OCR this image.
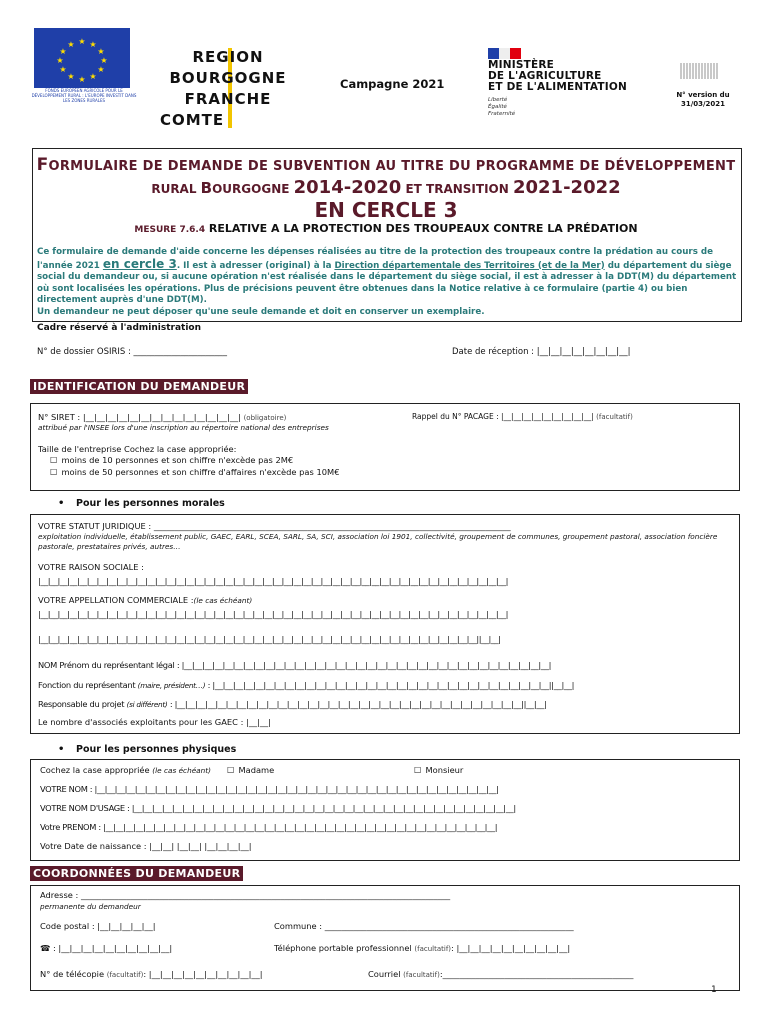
★ ★
★
★
★
★
★
★
★
★
★
★
FONDS EUROPÉEN AGRICOLE POUR LE DÉVELOPPEMENT RURAL : L'EUROPE INVESTIT DANS LES ZONES RURALES
REGION
BOURGOGNE
FRANCHE
COMTE
Campagne 2021
MINISTÈRE
DE L'AGRICULTURE
ET DE L'ALIMENTATION
Liberté
Égalité
Fraternité
N° version du
31/03/2021
FORMULAIRE DE DEMANDE DE SUBVENTION AU TITRE DU PROGRAMME DE DÉVELOPPEMENT
RURAL BOURGOGNE 2014-2020 ET TRANSITION 2021-2022
EN CERCLE 3
MESURE 7.6.4 RELATIVE A LA PROTECTION DES TROUPEAUX CONTRE LA PRÉDATION
Ce formulaire de demande d'aide concerne les dépenses réalisées au titre de la protection des troupeaux contre la prédation au cours de l'année 2021 en cercle 3. Il est à adresser (original) à la Direction départementale des Territoires (et de la Mer) du département du siège social du demandeur ou, si aucune opération n'est réalisée dans le département du siège social, il est à adresser à la DDT(M) du département où sont localisées les opérations. Plus de précisions peuvent être obtenues dans la Notice relative à ce formulaire (partie 4) ou bien directement auprès d'une DDT(M).
Un demandeur ne peut déposer qu'une seule demande et doit en conserver un exemplaire.
Cadre réservé à l'administration
N° de dossier OSIRIS : ______________________	Date de réception : |__|__|__|__|__|__|__|__|
IDENTIFICATION DU DEMANDEUR
N° SIRET : |__|__|__|__|__|__|__|__|__|__|__|__|__|__| (obligatoire)
attribué par l'INSEE lors d'une inscription au répertoire national des entreprises
Rappel du N° PACAGE : |__|__|__|__|__|__|__|__|__| (facultatif)
Taille de l'entreprise Cochez la case appropriée:
☐ moins de 10 personnes et son chiffre n'excède pas 2M€
☐ moins de 50 personnes et son chiffre d'affaires n'excède pas 10M€
• Pour les personnes morales
VOTRE STATUT JURIDIQUE : ______________________________________________________________________________________
exploitation individuelle, établissement public, GAEC, EARL, SCEA, SARL, SA, SCI, association loi 1901, collectivité, groupement de communes, groupement pastoral, association foncière pastorale, prestataires privés, autres…
VOTRE RAISON SOCIALE :
|__|__|__|__|__|__|__|__|__|__|__|__|__|__|__|__|__|__|__|__|__|__|__|__|__|__|__|__|__|__|__|__|__|__|__|__|__|__|__|__|__|__|__|__|__|__|__|__|
VOTRE APPELLATION COMMERCIALE :(le cas échéant)
|__|__|__|__|__|__|__|__|__|__|__|__|__|__|__|__|__|__|__|__|__|__|__|__|__|__|__|__|__|__|__|__|__|__|__|__|__|__|__|__|__|__|__|__|__|__|__|__|
|__|__|__|__|__|__|__|__|__|__|__|__|__|__|__|__|__|__|__|__|__|__|__|__|__|__|__|__|__|__|__|__|__|__|__|__|__|__|__|__|__|__|__|__|__||__|__|
NOM Prénom du représentant légal : |__|__|__|__|__|__|__|__|__|__|__|__|__|__|__|__|__|__|__|__|__|__|__|__|__|__|__|__|__|__|__|__|__|__|__|__|
Fonction du représentant (maire, président…) : |__|__|__|__|__|__|__|__|__|__|__|__|__|__|__|__|__|__|__|__|__|__|__|__|__|__|__|__|__|__|__|__|__||__|__|
Responsable du projet (si différent) : |__|__|__|__|__|__|__|__|__|__|__|__|__|__|__|__|__|__|__|__|__|__|__|__|__|__|__|__|__|__|__|__|__|__||__|__|
Le nombre d'associés exploitants pour les GAEC : |__|__|
• Pour les personnes physiques
Cochez la case appropriée (le cas échéant)	☐ Madame	☐ Monsieur
VOTRE NOM : |__|__|__|__|__|__|__|__|__|__|__|__|__|__|__|__|__|__|__|__|__|__|__|__|__|__|__|__|__|__|__|__|__|__|__|__|__|__|__|__|
VOTRE NOM D'USAGE : |__|__|__|__|__|__|__|__|__|__|__|__|__|__|__|__|__|__|__|__|__|__|__|__|__|__|__|__|__|__|__|__|__|__|__|__|__|__|
Votre PRENOM : |__|__|__|__|__|__|__|__|__|__|__|__|__|__|__|__|__|__|__|__|__|__|__|__|__|__|__|__|__|__|__|__|__|__|__|__|__|__|__|
Votre Date de naissance : |__|__| |__|__| |__|__|__|__|
COORDONNÉES DU DEMANDEUR
Adresse : _________________________________________________________________________________________
permanente du demandeur
Code postal : |__|__|__|__|__|	Commune : ____________________________________________________________
☎ : |__|__|__|__|__|__|__|__|__|__|	Téléphone portable professionnel (facultatif): |__|__|__|__|__|__|__|__|__|__|
N° de télécopie (facultatif): |__|__|__|__|__|__|__|__|__|__|	Courriel (facultatif):______________________________________________
1
